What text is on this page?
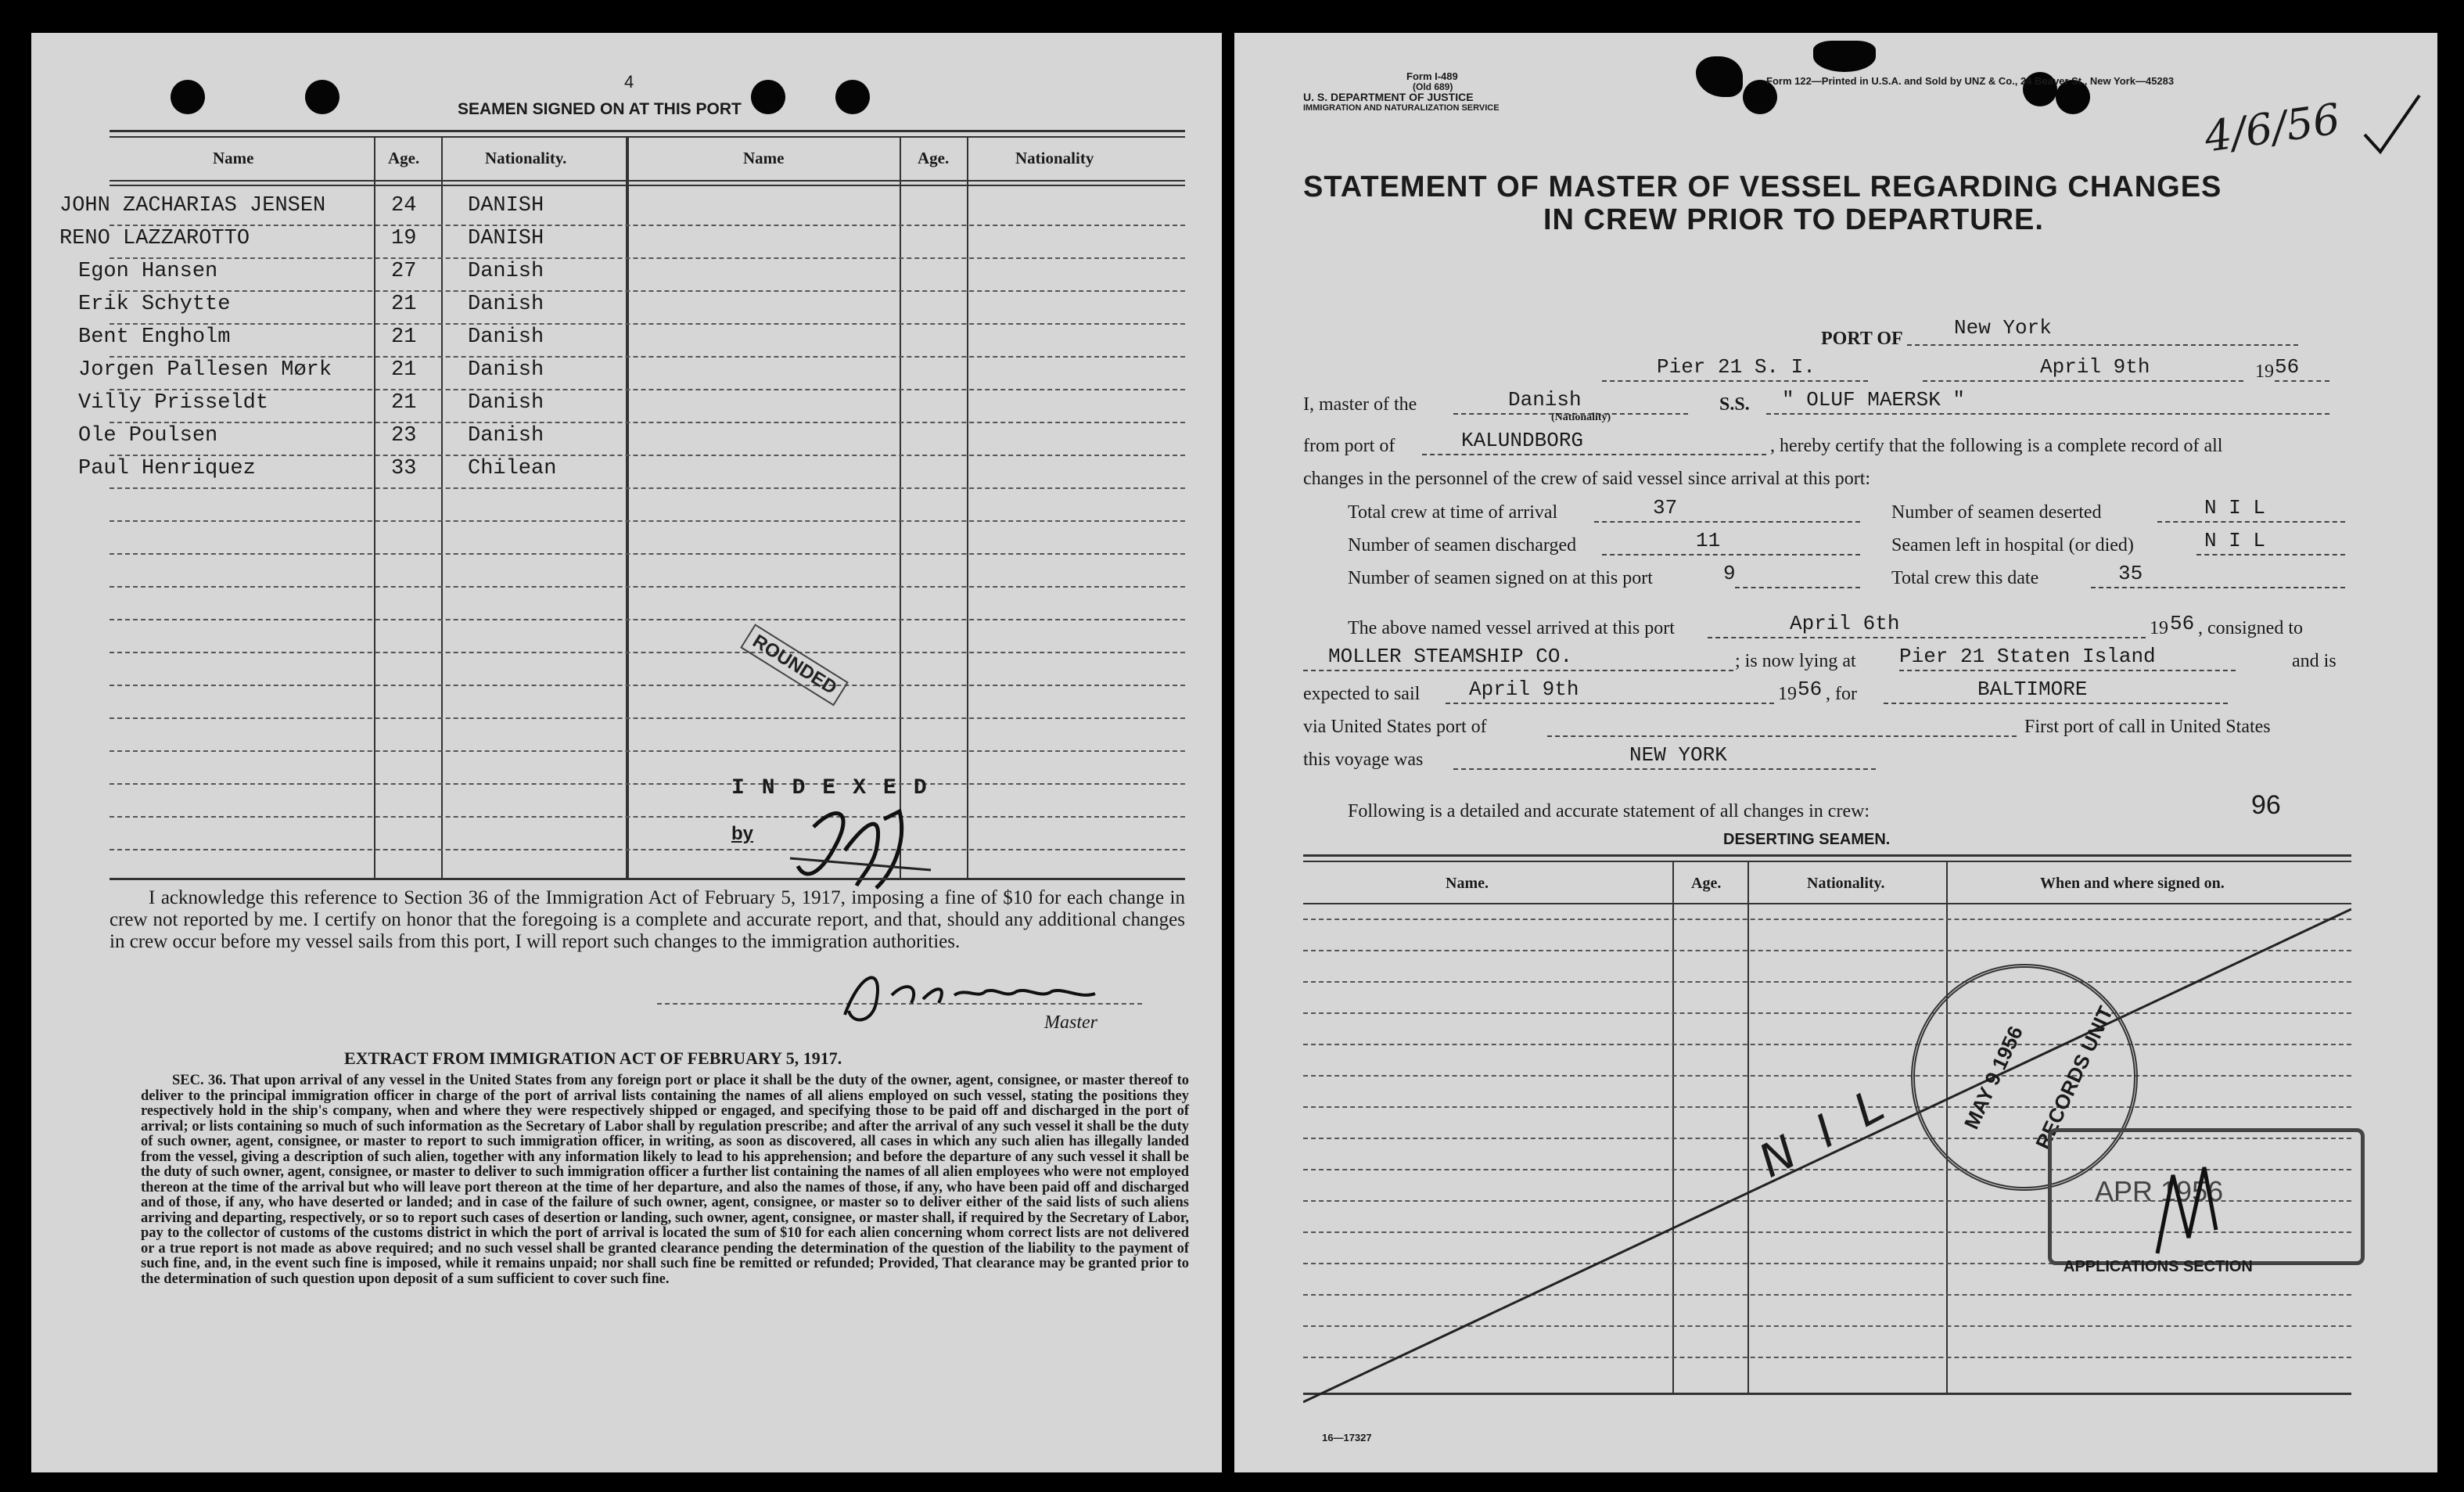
4
SEAMEN SIGNED ON AT THIS PORT
Name	Age.	Nationality.	Name	Age.	Nationality
JOHN ZACHARIAS JENSEN	24 DANISH
RENO LAZZAROTTO	19 DANISH
Egon Hansen	27 Danish
Erik Schytte	21 Danish
Bent Engholm	21 Danish
Jorgen Pallesen Mørk	21 Danish
Villy Prisseldt	21 Danish
Ole Poulsen	23 Danish
Paul Henriquez	33 Chilean
ROUNDED
INDEXED
by
I acknowledge this reference to Section 36 of the Immigration Act of February 5, 1917, imposing a fine of $10 for each change in crew not reported by me. I certify on honor that the foregoing is a complete and accurate report, and that, should any additional changes in crew occur before my vessel sails from this port, I will report such changes to the immigration authorities.
Master
EXTRACT FROM IMMIGRATION ACT OF FEBRUARY 5, 1917.
SEC. 36. That upon arrival of any vessel in the United States from any foreign port or place it shall be the duty of the owner, agent, consignee, or master thereof to deliver to the principal immigration officer in charge of the port of arrival lists containing the names of all aliens employed on such vessel, stating the positions they respectively hold in the ship's company, when and where they were respectively shipped or engaged, and specifying those to be paid off and discharged in the port of arrival; or lists containing so much of such information as the Secretary of Labor shall by regulation prescribe; and after the arrival of any such vessel it shall be the duty of such owner, agent, consignee, or master to report to such immigration officer, in writing, as soon as discovered, all cases in which any such alien has illegally landed from the vessel, giving a description of such alien, together with any information likely to lead to his apprehension; and before the departure of any such vessel it shall be the duty of such owner, agent, consignee, or master to deliver to such immigration officer a further list containing the names of all alien employees who were not employed thereon at the time of the arrival but who will leave port thereon at the time of her departure, and also the names of those, if any, who have been paid off and discharged and of those, if any, who have deserted or landed; and in case of the failure of such owner, agent, consignee, or master so to deliver either of the said lists of such aliens arriving and departing, respectively, or so to report such cases of desertion or landing, such owner, agent, consignee, or master shall, if required by the Secretary of Labor, pay to the collector of customs of the customs district in which the port of arrival is located the sum of $10 for each alien concerning whom correct lists are not delivered or a true report is not made as above required; and no such vessel shall be granted clearance pending the determination of the question of the liability to the payment of such fine, and, in the event such fine is imposed, while it remains unpaid; nor shall such fine be remitted or refunded; Provided, That clearance may be granted prior to the determination of such question upon deposit of a sum sufficient to cover such fine.
Form I-489
(Old 689)
U. S. DEPARTMENT OF JUSTICE
IMMIGRATION AND NATURALIZATION SERVICE
Form 122—Printed in U.S.A. and Sold by UNZ & Co., 24 Beaver St., New York—45283
4/6/56
STATEMENT OF MASTER OF VESSEL REGARDING CHANGES
IN CREW PRIOR TO DEPARTURE.
PORT OF	New York
Pier 21 S. I.	April 9th	19 56
I, master of the	Danish
(Nationality)
S.S. " OLUF MAERSK "
from port of	KALUNDBORG	, hereby certify that the following is a complete record of all
changes in the personnel of the crew of said vessel since arrival at this port:
Total crew at time of arrival	37	Number of seamen deserted	N I L
Number of seamen discharged	11	Seamen left in hospital (or died)	N I L
Number of seamen signed on at this port	9	Total crew this date	35
The above named vessel arrived at this port	April 6th	19 56 , consigned to
MOLLER STEAMSHIP CO.	; is now lying at Pier 21 Staten Island	and is
expected to sail April 9th	19 56 , for	BALTIMORE
via United States port of	First port of call in United States
this voyage was	NEW YORK
Following is a detailed and accurate statement of all changes in crew:	96
DESERTING SEAMEN.
Name.	Age.	Nationality.	When and where signed on.
N I L	MAY 9 1956 RECORDS UNIT
APR 1956
APPLICATIONS SECTION
16—17327
